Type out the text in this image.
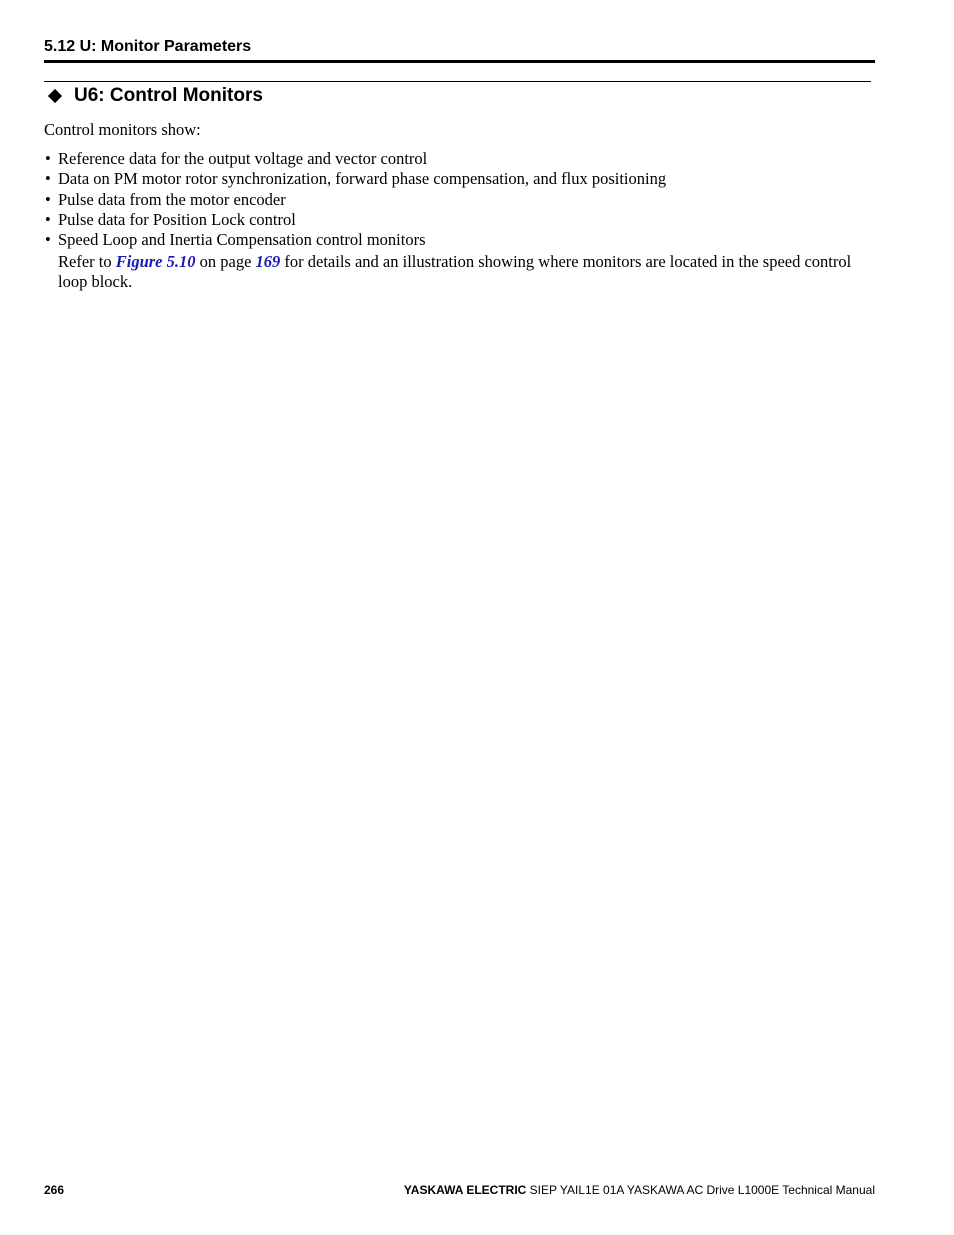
5.12 U: Monitor Parameters
U6: Control Monitors
Control monitors show:
• Reference data for the output voltage and vector control
• Data on PM motor rotor synchronization, forward phase compensation, and flux positioning
• Pulse data from the motor encoder
• Pulse data for Position Lock control
• Speed Loop and Inertia Compensation control monitors
Refer to Figure 5.10 on page 169 for details and an illustration showing where monitors are located in the speed control loop block.
266	YASKAWA ELECTRIC SIEP YAIL1E 01A YASKAWA AC Drive L1000E Technical Manual
